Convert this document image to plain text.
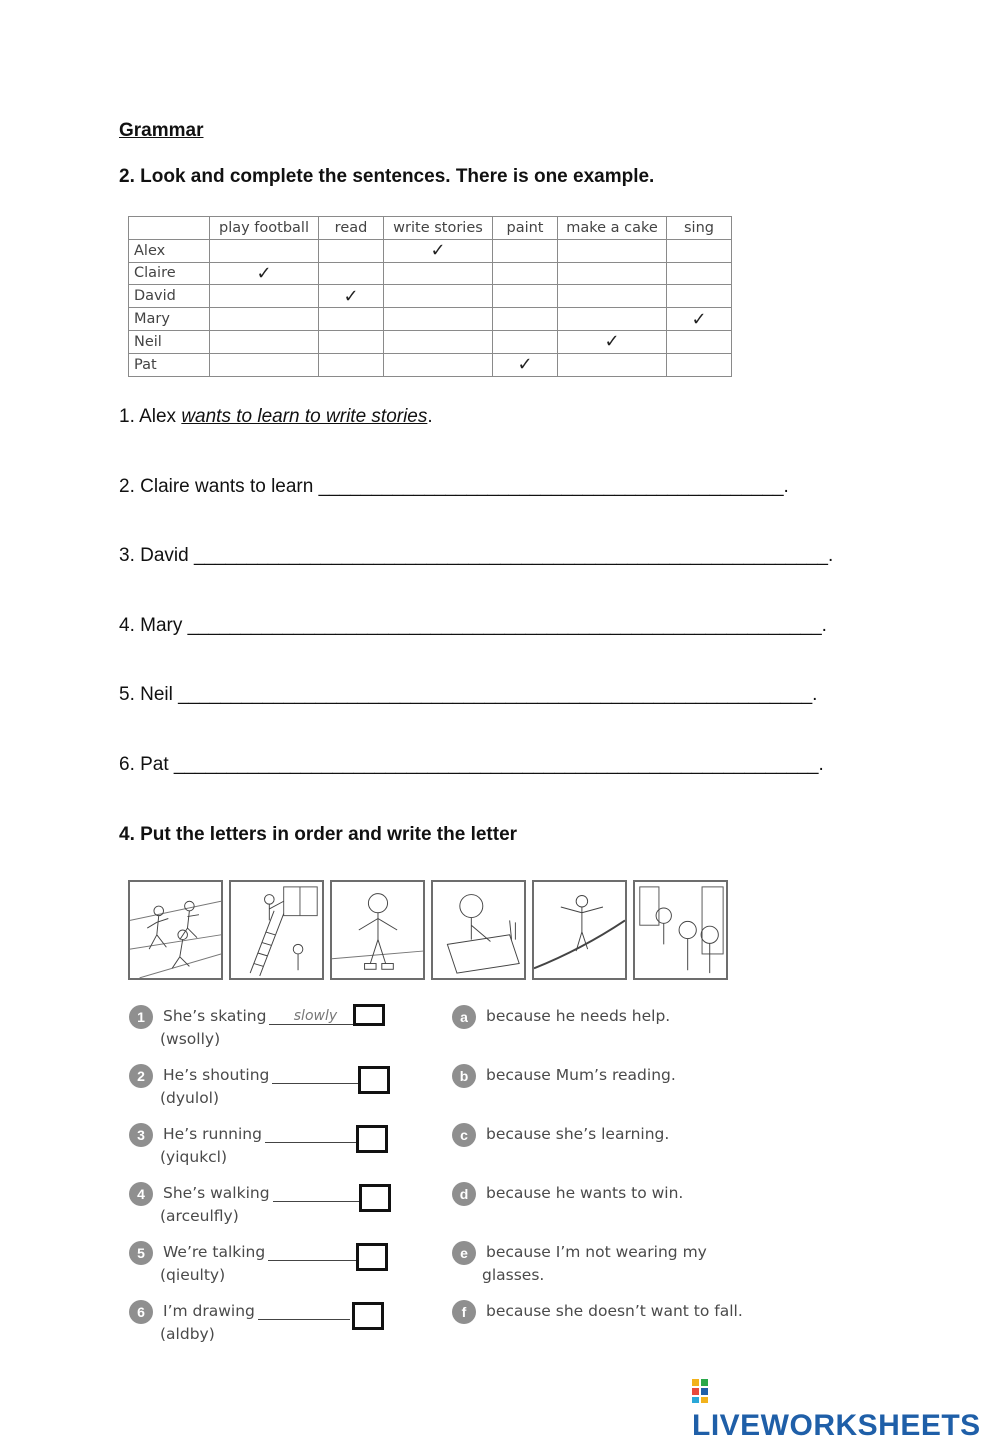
Grammar
2. Look and complete the sentences. There is one example.
	play football	read	write stories	paint	make a cake	sing
Alex			✓			
Claire	✓					
David		✓				
Mary						✓
Neil					✓	
Pat				✓		
1. Alex wants to learn to write stories.
2. Claire wants to learn ____________________________________________.
3. David ____________________________________________________________.
4. Mary ____________________________________________________________.
5. Neil ____________________________________________________________.
6. Pat _____________________________________________________________.
4. Put the letters in order and write the letter
1	She’s skating slowly
(wsolly)
2	He’s shouting
(dyulol)
3	He’s running
(yiqukcl)
4	She’s walking
(arceulfly)
5	We’re talking
(qieulty)
6	I’m drawing
(aldby)
a	because he needs help.
b	because Mum’s reading.
c	because she’s learning.
d	because he wants to win.
e	because I’m not wearing my
glasses.
f	because she doesn’t want to fall.
LIVEWORKSHEETS
